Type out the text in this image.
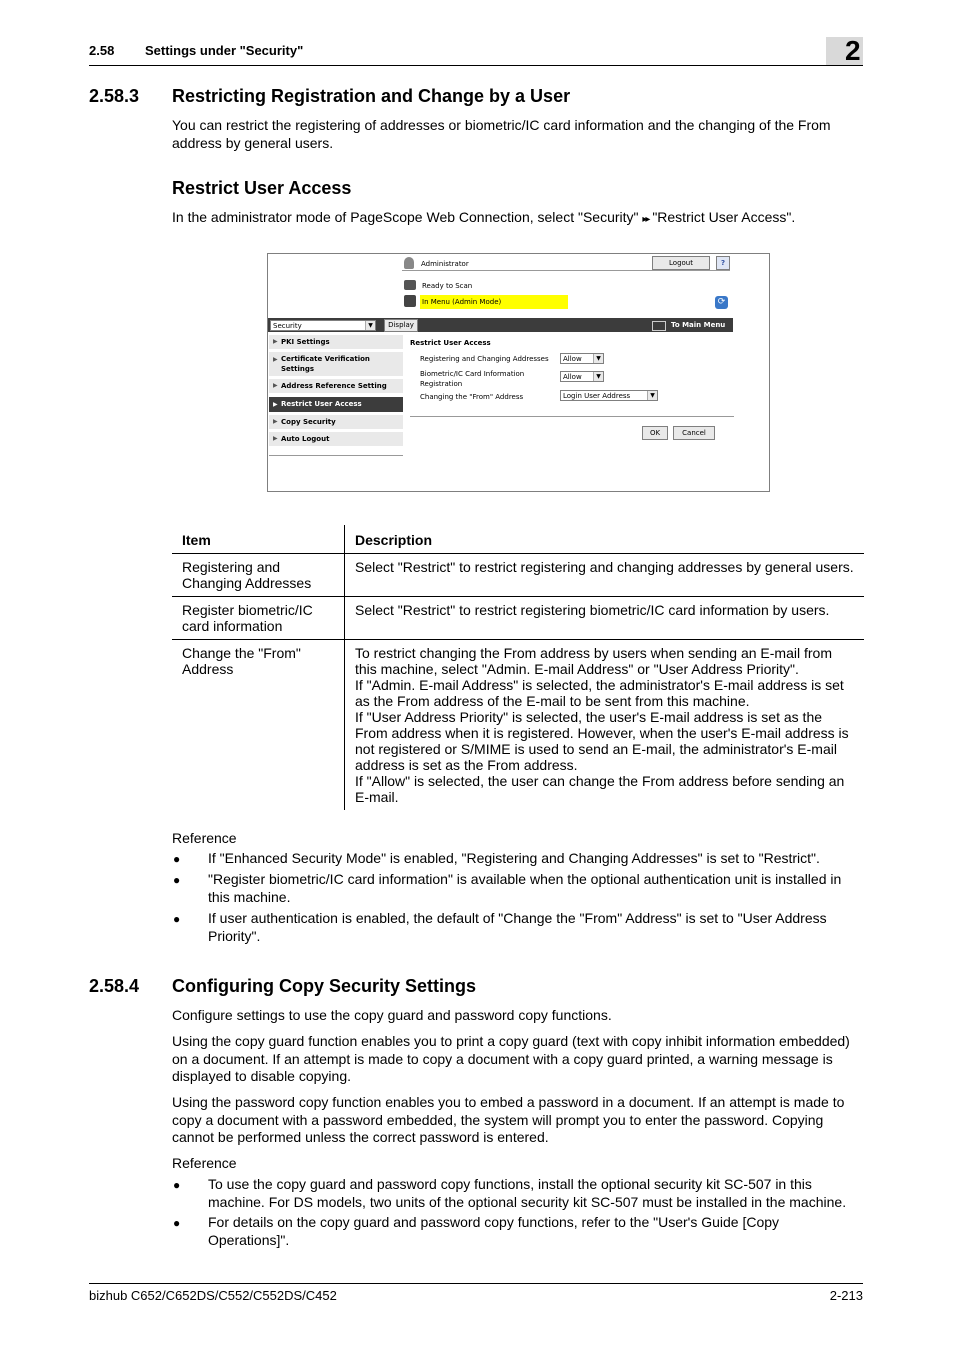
2
2.58 Settings under "Security"
2.58.3 Restricting Registration and Change by a User
You can restrict the registering of addresses or biometric/IC card information and the changing of the From address by general users.
Restrict User Access
In the administrator mode of PageScope Web Connection, select "Security" ▸▸ "Restrict User Access".
Administrator	Logout	?
Ready to Scan
In Menu (Admin Mode)	⟳
Security	▼	Display	To Main Menu
▶ PKI Settings
▶ Certificate Verification Settings
▶ Address Reference Setting
▶ Restrict User Access
▶ Copy Security
▶ Auto Logout
Restrict User Access
Registering and Changing Addresses	Allow	▼
Biometric/IC Card Information Registration
Allow	▼
Changing the "From" Address	Login User Address	▼
OK	Cancel
Item	Description
Registering and Changing Addresses	Select "Restrict" to restrict registering and changing addresses by general users.
Register biometric/IC card information	Select "Restrict" to restrict registering biometric/IC card information by users.
Change the "From" Address	To restrict changing the From address by users when sending an E-mail from this machine, select "Admin. E-mail Address" or "User Address Priority".
If "Admin. E-mail Address" is selected, the administrator's E-mail address is set as the From address of the E-mail to be sent from this machine.
If "User Address Priority" is selected, the user's E-mail address is set as the From address when it is registered. However, when the user's E-mail address is not registered or S/MIME is used to send an E-mail, the administrator's E-mail address is set as the From address.
If "Allow" is selected, the user can change the From address before sending an E-mail.
Reference
● If "Enhanced Security Mode" is enabled, "Registering and Changing Addresses" is set to "Restrict".
● "Register biometric/IC card information" is available when the optional authentication unit is installed in this machine.
● If user authentication is enabled, the default of "Change the "From" Address" is set to "User Address Priority".
2.58.4 Configuring Copy Security Settings
Configure settings to use the copy guard and password copy functions.
Using the copy guard function enables you to print a copy guard (text with copy inhibit information embedded) on a document. If an attempt is made to copy a document with a copy guard printed, a warning message is displayed to disable copying.
Using the password copy function enables you to embed a password in a document. If an attempt is made to copy a document with a password embedded, the system will prompt you to enter the password. Copying cannot be performed unless the correct password is entered.
Reference
● To use the copy guard and password copy functions, install the optional security kit SC-507 in this machine. For DS models, two units of the optional security kit SC-507 must be installed in the machine.
● For details on the copy guard and password copy functions, refer to the "User's Guide [Copy Operations]".
bizhub C652/C652DS/C552/C552DS/C452	2-213
